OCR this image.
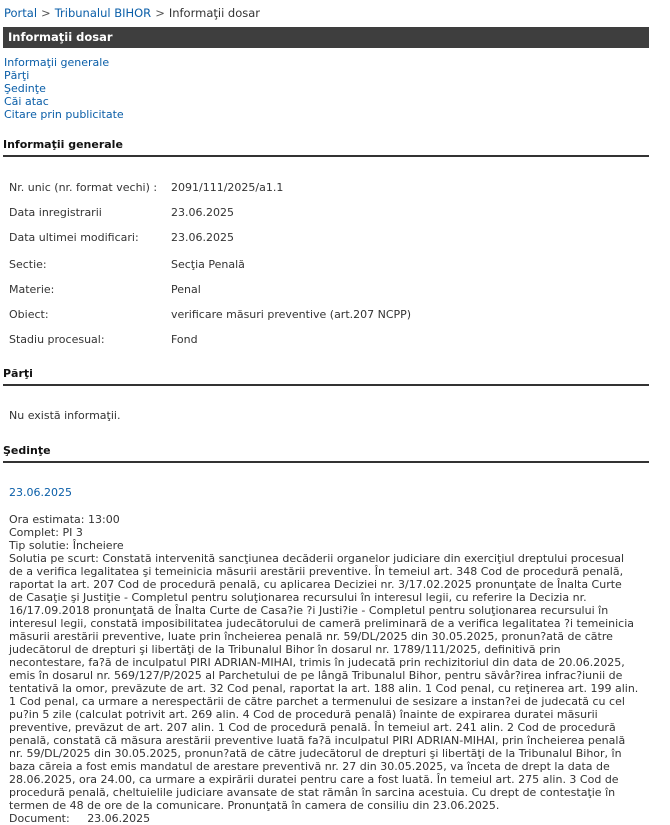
Portal > Tribunalul BIHOR > Informaţii dosar
Informaţii dosar
Informaţii generale
Părţi
Şedinţe
Căi atac
Citare prin publicitate
Informaţii generale
Nr. unic (nr. format vechi) : 2091/111/2025/a1.1
Data inregistrarii	23.06.2025
Data ultimei modificari:	23.06.2025
Sectie:	Secţia Penală
Materie:	Penal
Obiect:	verificare măsuri preventive (art.207 NCPP)
Stadiu procesual:	Fond
Părţi
Nu există informaţii.
Şedinţe
23.06.2025
Ora estimata: 13:00
Complet: PI 3
Tip solutie: Încheiere
Solutia pe scurt: Constată intervenită sancţiunea decăderii organelor judiciare din exerciţiul dreptului procesual de a verifica legalitatea şi temeinicia măsurii arestării preventive. În temeiul art. 348 Cod de procedură penală, raportat la art. 207 Cod de procedură penală, cu aplicarea Deciziei nr. 3/17.02.2025 pronunţate de Înalta Curte de Casaţie şi Justiţie - Completul pentru soluţionarea recursului în interesul legii, cu referire la Decizia nr. 16/17.09.2018 pronunţată de Înalta Curte de Casa?ie ?i Justi?ie - Completul pentru soluţionarea recursului în interesul legii, constată imposibilitatea judecătorului de cameră preliminară de a verifica legalitatea ?i temeinicia măsurii arestării preventive, luate prin încheierea penală nr. 59/DL/2025 din 30.05.2025, pronun?ată de către judecătorul de drepturi şi libertăţi de la Tribunalul Bihor în dosarul nr. 1789/111/2025, definitivă prin necontestare, fa?ă de inculpatul PIRI ADRIAN-MIHAI, trimis în judecată prin rechizitoriul din data de 20.06.2025, emis în dosarul nr. 569/127/P/2025 al Parchetului de pe lângă Tribunalul Bihor, pentru săvâr?irea infrac?iunii de tentativă la omor, prevăzute de art. 32 Cod penal, raportat la art. 188 alin. 1 Cod penal, cu reţinerea art. 199 alin. 1 Cod penal, ca urmare a nerespectării de către parchet a termenului de sesizare a instan?ei de judecată cu cel pu?in 5 zile (calculat potrivit art. 269 alin. 4 Cod de procedură penală) înainte de expirarea duratei măsurii preventive, prevăzut de art. 207 alin. 1 Cod de procedură penală. În temeiul art. 241 alin. 2 Cod de procedură penală, constată că măsura arestării preventive luată fa?ă inculpatul PIRI ADRIAN-MIHAI, prin încheierea penală nr. 59/DL/2025 din 30.05.2025, pronun?ată de către judecătorul de drepturi şi libertăţi de la Tribunalul Bihor, în baza căreia a fost emis mandatul de arestare preventivă nr. 27 din 30.05.2025, va înceta de drept la data de 28.06.2025, ora 24.00, ca urmare a expirării duratei pentru care a fost luată. În temeiul art. 275 alin. 3 Cod de procedură penală, cheltuielile judiciare avansate de stat rămân în sarcina acestuia. Cu drept de contestaţie în termen de 48 de ore de la comunicare. Pronunţată în camera de consiliu din 23.06.2025.
Document: 23.06.2025
